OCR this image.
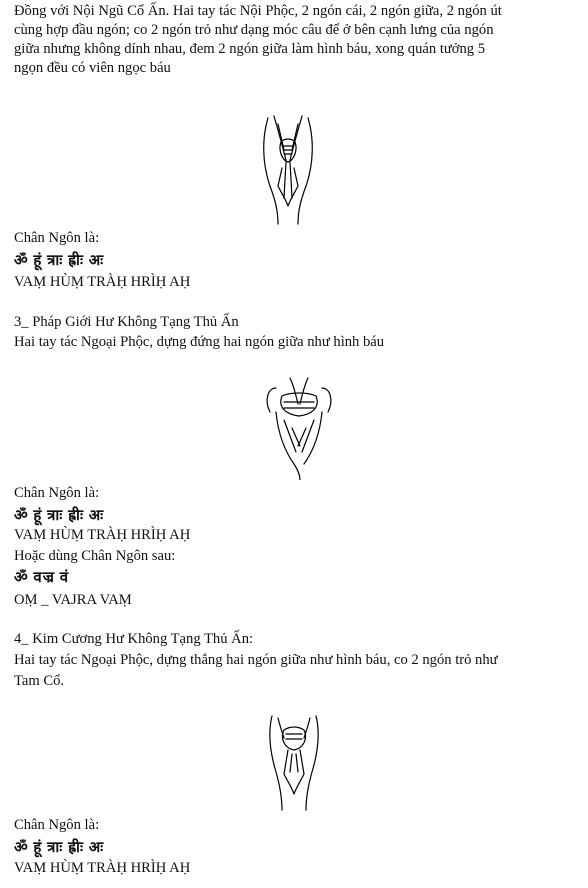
Đồng với Nội Ngũ Cổ Ấn. Hai tay tác Nội Phộc, 2 ngón cái, 2 ngón giữa, 2 ngón út
cùng hợp đầu ngón; co 2 ngón trỏ như dạng móc câu để ở bên cạnh lưng của ngón
giữa nhưng không dính nhau, đem 2 ngón giữa làm hình báu, xong quán tưởng 5
ngọn đều có viên ngọc báu
Chân Ngôn là:
ॐ हूं त्राः ह्रीः अः
VAṂ HÙṂ TRÀḤ HRÌḤ AḤ
3_ Pháp Giới Hư Không Tạng Thủ Ấn
Hai tay tác Ngoại Phộc, dựng đứng hai ngón giữa như hình báu
Chân Ngôn là:
ॐ हूं त्राः ह्रीः अः
VAṂ HÙṂ TRÀḤ HRÌḤ AḤ
Hoặc dùng Chân Ngôn sau:
ॐ वज्र वं
OṂ _ VAJRA VAṂ
4_ Kim Cương Hư Không Tạng Thủ Ấn:
Hai tay tác Ngoại Phộc, dựng thẳng hai ngón giữa như hình báu, co 2 ngón trỏ như
Tam Cổ.
Chân Ngôn là:
ॐ हूं त्राः ह्रीः अः
VAṂ HÙṂ TRÀḤ HRÌḤ AḤ
